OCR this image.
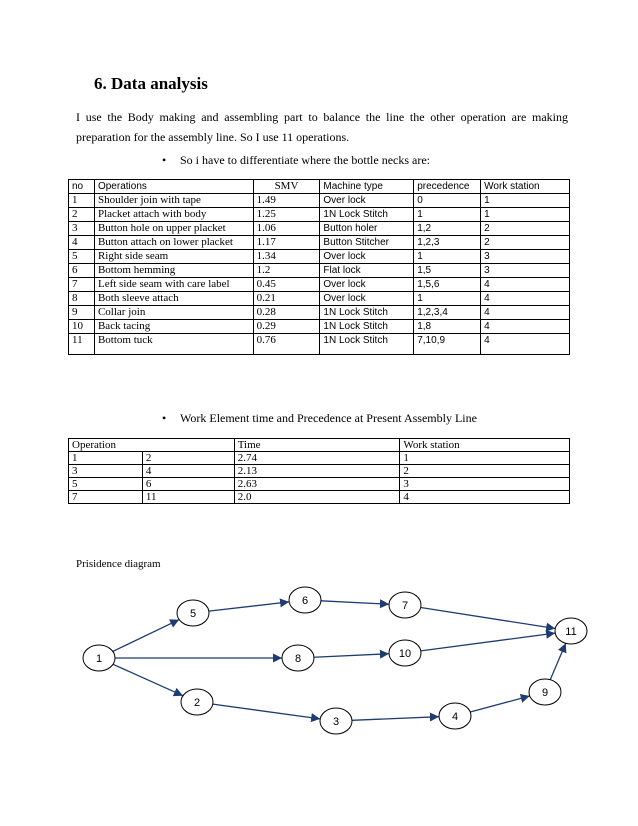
6. Data analysis
I use the Body making and assembling part to balance the line the other operation are making preparation for the assembly line. So I use 11 operations.
• So i have to differentiate where the bottle necks are:
no	Operations	SMV	Machine type	precedence	Work station
1	Shoulder join with tape	1.49	Over lock	0	1
2	Placket attach with body	1.25	1N Lock Stitch	1	1
3	Button hole on upper placket	1.06	Button holer	1,2	2
4	Button attach on lower placket	1.17	Button Stitcher	1,2,3	2
5	Right side seam	1.34	Over lock	1	3
6	Bottom hemming	1.2	Flat lock	1,5	3
7	Left side seam with care label	0.45	Over lock	1,5,6	4
8	Both sleeve attach	0.21	Over lock	1	4
9	Collar join	0.28	1N Lock Stitch	1,2,3,4	4
10	Back tacing	0.29	1N Lock Stitch	1,8	4
11	Bottom tuck	0.76	1N Lock Stitch	7,10,9	4
• Work Element time and Precedence at Present Assembly Line
Operation		Time	Work station
1	2	2.74	1
3	4	2.13	2
5	6	2.63	3
7	11	2.0	4
Prisidence diagram
1
2
3	4
5
6	7
8
9
10
11
